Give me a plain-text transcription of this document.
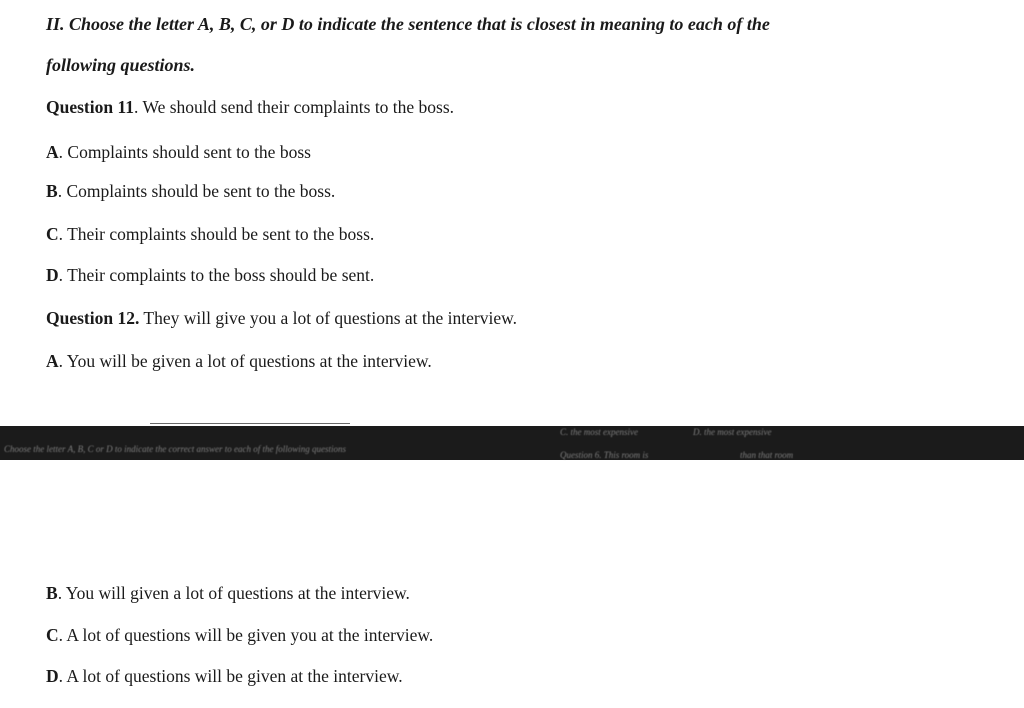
II. Choose the letter A, B, C, or D to indicate the sentence that is closest in meaning to each of the
following questions.
Question 11. We should send their complaints to the boss.
A. Complaints should sent to the boss
B. Complaints should be sent to the boss.
C. Their complaints should be sent to the boss.
D. Their complaints to the boss should be sent.
Question 12. They will give you a lot of questions at the interview.
A. You will be given a lot of questions at the interview.
Choose the letter A, B, C or D to indicate the correct answer to each of the following questions
C. the most expensive
Question 6. This room is
D. the most expensive
than that room
B. You will given a lot of questions at the interview.
C. A lot of questions will be given you at the interview.
D. A lot of questions will be given at the interview.
